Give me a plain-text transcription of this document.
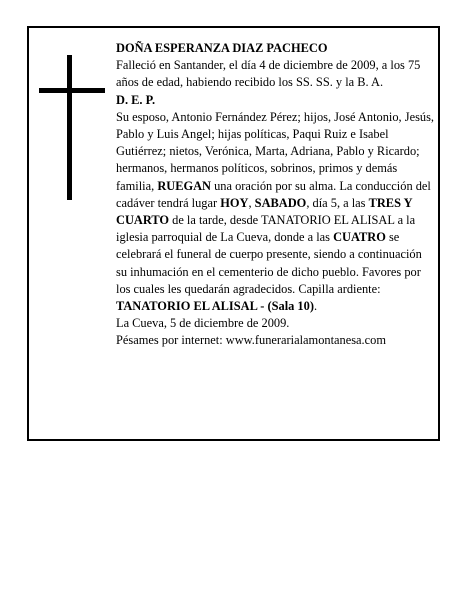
DOÑA ESPERANZA DIAZ PACHECO

Falleció en Santander, el día 4 de diciembre de 2009, a los 75 años de edad, habiendo recibido los SS. SS. y la B. A.

D. E. P.

Su esposo, Antonio Fernández Pérez; hijos, José Antonio, Jesús, Pablo y Luis Angel; hijas políticas, Paqui Ruiz e Isabel Gutiérrez; nietos, Verónica, Marta, Adriana, Pablo y Ricardo; hermanos, hermanos políticos, sobrinos, primos y demás familia, RUEGAN una oración por su alma. La conducción del cadáver tendrá lugar HOY, SABADO, día 5, a las TRES Y CUARTO de la tarde, desde TANATORIO EL ALISAL a la iglesia parroquial de La Cueva, donde a las CUATRO se celebrará el funeral de cuerpo presente, siendo a continuación su inhumación en el cementerio de dicho pueblo. Favores por los cuales les quedarán agradecidos. Capilla ardiente: TANATORIO EL ALISAL - (Sala 10).

La Cueva, 5 de diciembre de 2009.

Pésames por internet: www.funerarialamontanesa.com
